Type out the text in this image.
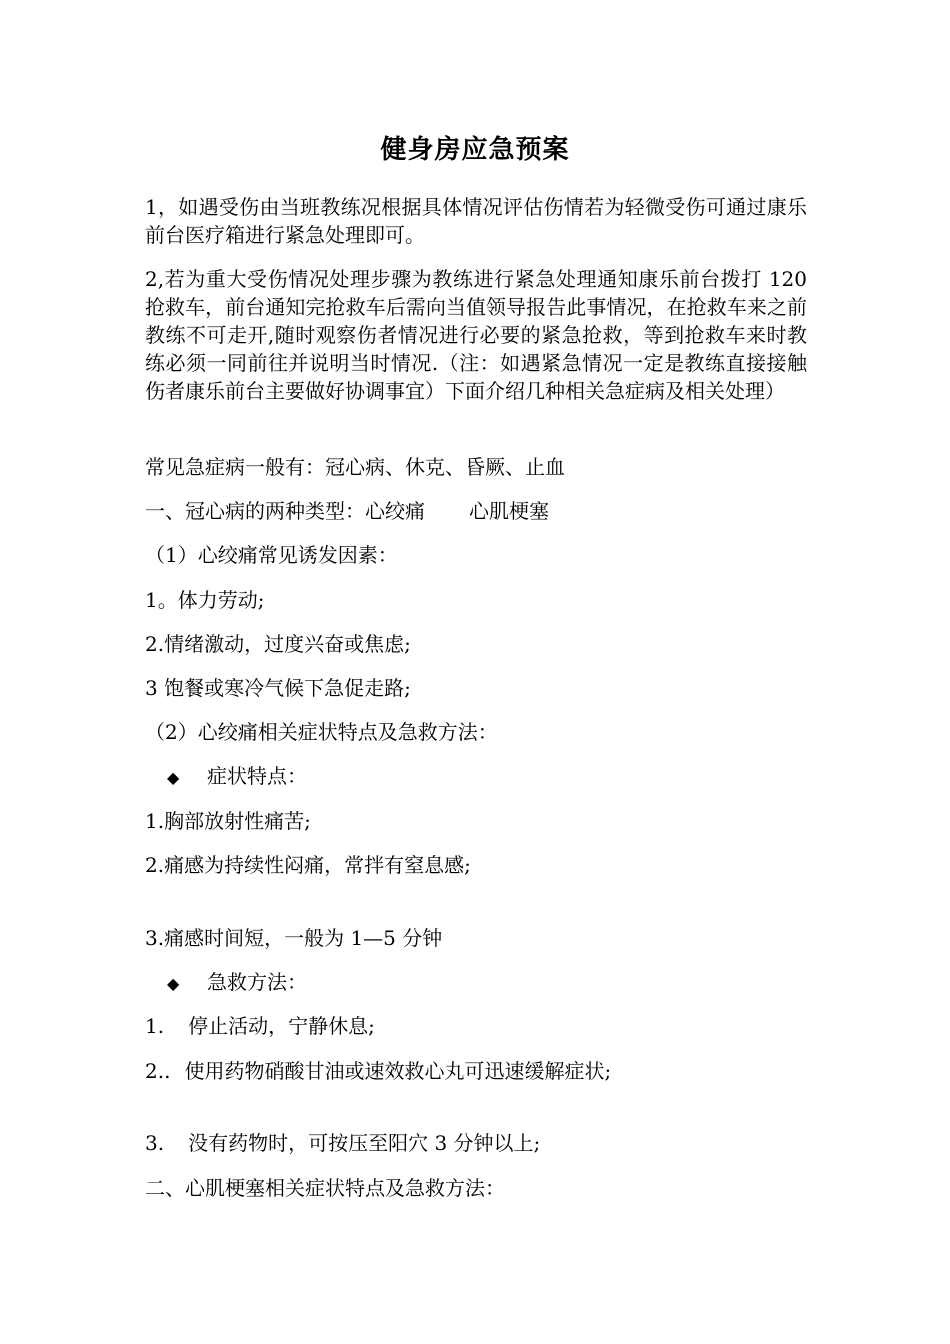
健身房应急预案
1，如遇受伤由当班教练况根据具体情况评估伤情若为轻微受伤可通过康乐前台医疗箱进行紧急处理即可。
2,若为重大受伤情况处理步骤为教练进行紧急处理通知康乐前台拨打 120 抢救车，前台通知完抢救车后需向当值领导报告此事情况，在抢救车来之前教练不可走开,随时观察伤者情况进行必要的紧急抢救，等到抢救车来时教练必须一同前往并说明当时情况.（注：如遇紧急情况一定是教练直接接触伤者康乐前台主要做好协调事宜）下面介绍几种相关急症病及相关处理）
常见急症病一般有：冠心病、休克、昏厥、止血
一、冠心病的两种类型：心绞痛 心肌梗塞
（1）心绞痛常见诱发因素：
1。体力劳动;
2.情绪激动，过度兴奋或焦虑;
3 饱餐或寒冷气候下急促走路;
（2）心绞痛相关症状特点及急救方法：
◆ 症状特点：
1.胸部放射性痛苦;
2.痛感为持续性闷痛，常拌有窒息感;
3.痛感时间短，一般为 1—5 分钟
◆ 急救方法：
1. 停止活动，宁静休息;
2.. 使用药物硝酸甘油或速效救心丸可迅速缓解症状;
3. 没有药物时，可按压至阳穴 3 分钟以上;
二、心肌梗塞相关症状特点及急救方法：
